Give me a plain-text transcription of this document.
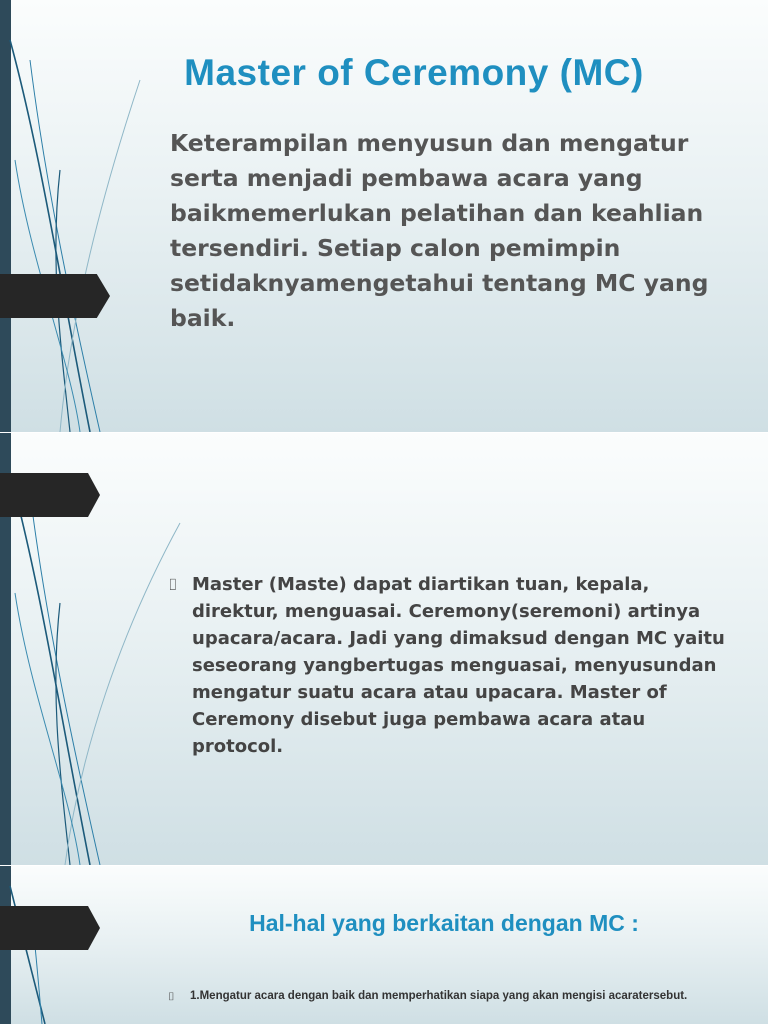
Master of Ceremony (MC)
Keterampilan menyusun dan mengatur serta menjadi pembawa acara yang baikmemerlukan pelatihan dan keahlian tersendiri. Setiap calon pemimpin setidaknyamengetahui tentang MC yang baik.
⌷ Master (Maste) dapat diartikan tuan, kepala, direktur, menguasai. Ceremony(seremoni) artinya upacara/acara. Jadi yang dimaksud dengan MC yaitu seseorang yangbertugas menguasai, menyusundan mengatur suatu acara atau upacara. Master of Ceremony disebut juga pembawa acara atau protocol.
Hal-hal yang berkaitan dengan MC :
⌷	1.Mengatur acara dengan baik dan memperhatikan siapa yang akan mengisi acaratersebut.
